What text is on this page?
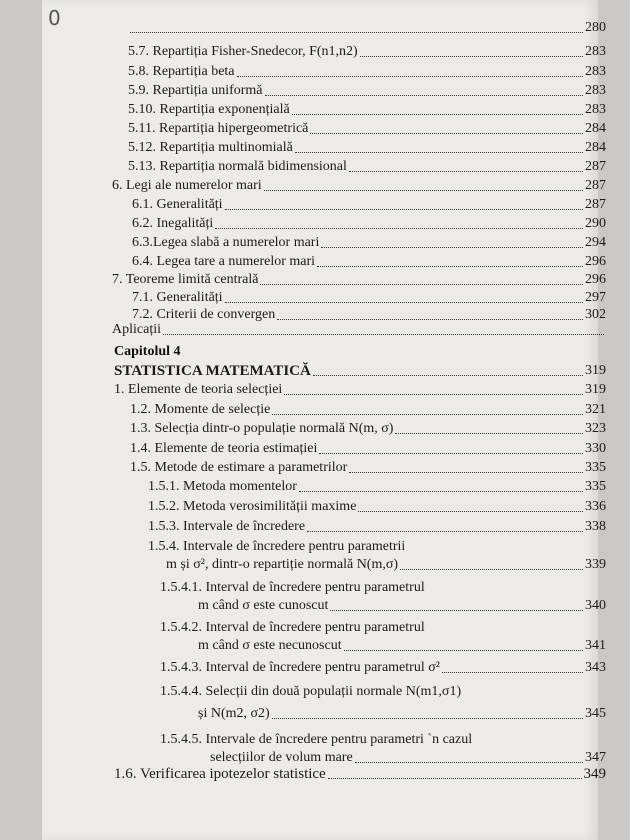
0	280
5.7. Repartiția Fisher-Snedecor, F(n1,n2)	283
5.8. Repartiția beta	283
5.9. Repartiția uniformă	283
5.10. Repartiția exponențială	283
5.11. Repartiția hipergeometrică	284
5.12. Repartiția multinomială	284
5.13. Repartiția normală bidimensional	287
6. Legi ale numerelor mari	287
6.1. Generalități	287
6.2. Inegalități	290
6.3.Legea slabă a numerelor mari	294
6.4. Legea tare a numerelor mari	296
7. Teoreme limită centrală	296
7.1. Generalități	297
7.2. Criterii de convergen	302
Aplicații
Capitolul 4
STATISTICA MATEMATICĂ	319
1. Elemente de teoria selecției	319
1.2. Momente de selecție	321
1.3. Selecția dintr-o populație normală N(m, σ)	323
1.4. Elemente de teoria estimației	330
1.5. Metode de estimare a parametrilor	335
1.5.1. Metoda momentelor	335
1.5.2. Metoda verosimilității maxime	336
1.5.3. Intervale de încredere	338
1.5.4. Intervale de încredere pentru parametrii
m și σ², dintr-o repartiție normală N(m,σ)	339
1.5.4.1. Interval de încredere pentru parametrul
m când σ este cunoscut	340
1.5.4.2. Interval de încredere pentru parametrul
m când σ este necunoscut	341
1.5.4.3. Interval de încredere pentru parametrul σ²	343
1.5.4.4. Selecții din două populații normale N(m1,σ1)
și N(m2, σ2)	345
1.5.4.5. Intervale de încredere pentru parametri `n cazul
selecțiilor de volum mare	347
1.6. Verificarea ipotezelor statistice	349
